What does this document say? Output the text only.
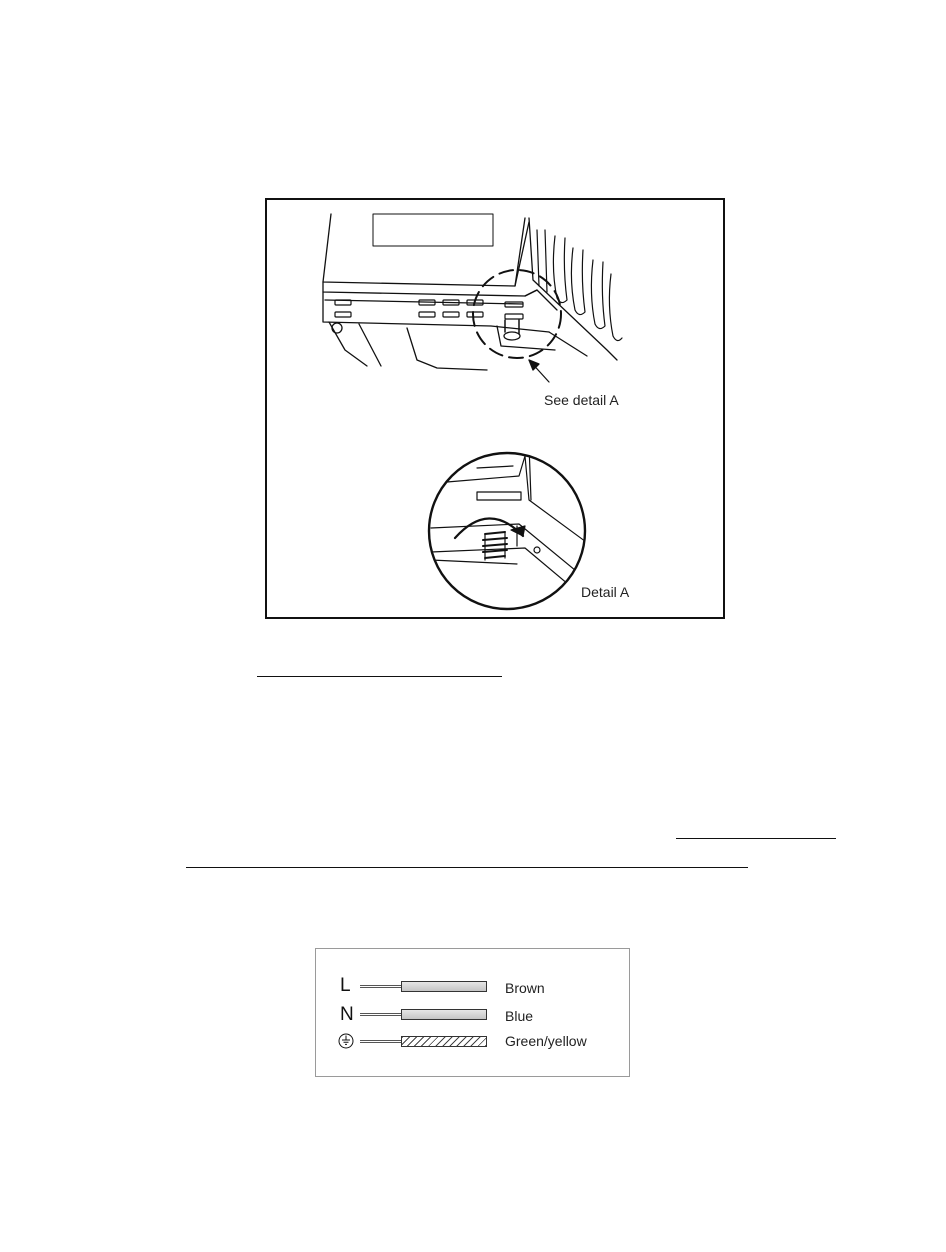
See detail A
Detail A
L	Brown
N	Blue
Green/yellow
